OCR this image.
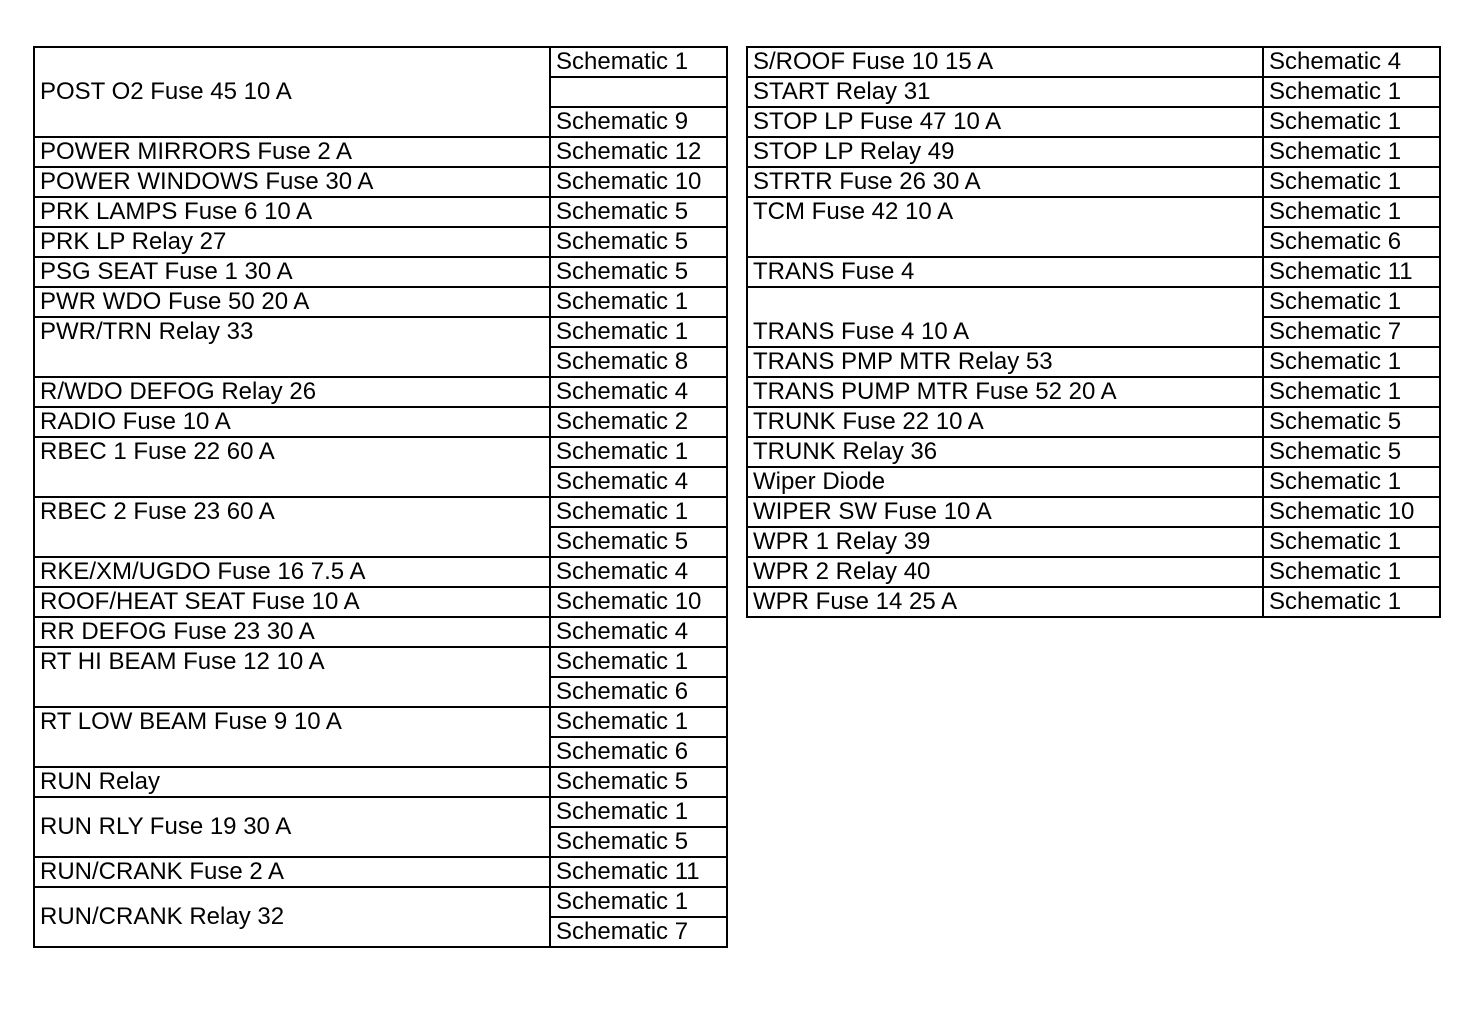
POST O2 Fuse 45 10 A	Schematic 1

	Schematic 9
POWER MIRRORS Fuse 2 A	Schematic 12
POWER WINDOWS Fuse 30 A	Schematic 10
PRK LAMPS Fuse 6 10 A	Schematic 5
PRK LP Relay 27	Schematic 5
PSG SEAT Fuse 1 30 A	Schematic 5
PWR WDO Fuse 50 20 A	Schematic 1
PWR/TRN Relay 33	Schematic 1
	Schematic 8
R/WDO DEFOG Relay 26	Schematic 4
RADIO Fuse 10 A	Schematic 2
RBEC 1 Fuse 22 60 A	Schematic 1
	Schematic 4
RBEC 2 Fuse 23 60 A	Schematic 1
	Schematic 5
RKE/XM/UGDO Fuse 16 7.5 A	Schematic 4
ROOF/HEAT SEAT Fuse 10 A	Schematic 10
RR DEFOG Fuse 23 30 A	Schematic 4
RT HI BEAM Fuse 12 10 A	Schematic 1
	Schematic 6
RT LOW BEAM Fuse 9 10 A	Schematic 1
	Schematic 6
RUN Relay	Schematic 5
RUN RLY Fuse 19 30 A	Schematic 1
	Schematic 5
RUN/CRANK Fuse 2 A	Schematic 11
RUN/CRANK Relay 32	Schematic 1
	Schematic 7
S/ROOF Fuse 10 15 A	Schematic 4
START Relay 31	Schematic 1
STOP LP Fuse 47 10 A	Schematic 1
STOP LP Relay 49	Schematic 1
STRTR Fuse 26 30 A	Schematic 1
TCM Fuse 42 10 A	Schematic 1
	Schematic 6
TRANS Fuse 4	Schematic 11
TRANS Fuse 4 10 A	Schematic 1
	Schematic 7
TRANS PMP MTR Relay 53	Schematic 1
TRANS PUMP MTR Fuse 52 20 A	Schematic 1
TRUNK Fuse 22 10 A	Schematic 5
TRUNK Relay 36	Schematic 5
Wiper Diode	Schematic 1
WIPER SW Fuse 10 A	Schematic 10
WPR 1 Relay 39	Schematic 1
WPR 2 Relay 40	Schematic 1
WPR Fuse 14 25 A	Schematic 1
